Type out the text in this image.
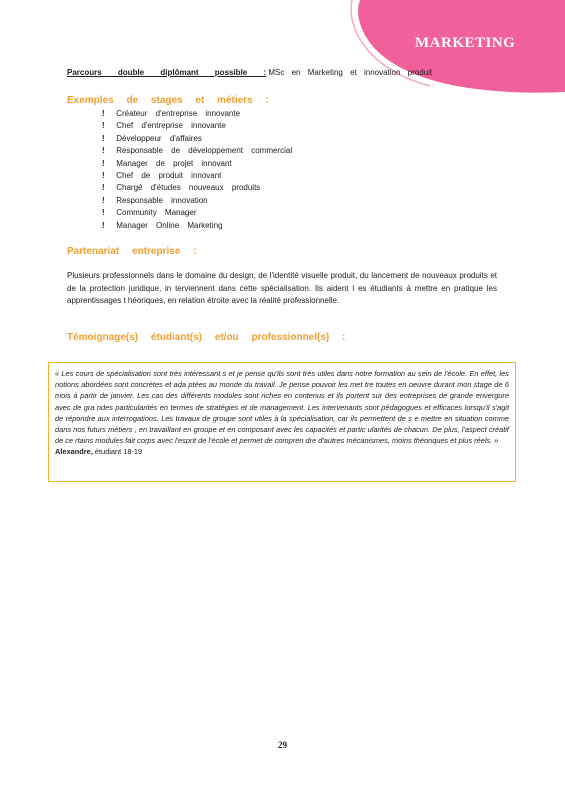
MARKETING
Parcours double diplômant possible : MSc en Marketing et innovation produit
Exemples de stages et métiers :
! Créateur d'entreprise innovante
! Chef d'entreprise innovante
! Développeur d'affaires
! Responsable de développement commercial
! Manager de projet innovant
! Chef de produit innovant
! Chargé d'études nouveaux produits
! Responsable innovation
! Community Manager
! Manager Online Marketing
Partenariat entreprise :
Plusieurs professionnels dans le domaine du design, de l'identité visuelle produit, du lancement de nouveaux produits et de la protection juridique, in terviennent dans cette spécialisation. Ils aident l es étudiants à mettre en pratique les apprentissages t héoriques, en relation étroite avec la réalité professionnelle.
Témoignage(s) étudiant(s) et/ou professionnel(s) :

« Les cours de spécialisation sont très intéressant s et je pense qu'ils sont très utiles dans notre formation au sein de l'école. En effet, les notions abordées sont concrètes et ada ptées au monde du travail. Je pense pouvoir les met tre toutes en oeuvre durant mon stage de 6 mois à partir de janvier. Les cas des différents modules sont riches en contenus et ils portent sur des entreprises de grande envergure avec de gra ndes particularités en termes de stratégies et de management. Les intervenants sont pédagogues et efficaces lorsqu'il s'agit de répondre aux interrogations. Les travaux de groupe sont utiles à la spécialisation, car ils permettent de s e mettre en situation comme dans nos futurs métiers , en travaillant en groupe et en composant avec les capacités et partic ularités de chacun. De plus, l'aspect créatif de ce rtains modules fait corps avec l'esprit de l'école et permet de compren dre d'autres mécanismes, moins théoriques et plus réels. »

Alexandre, étudiant 18-19
29
